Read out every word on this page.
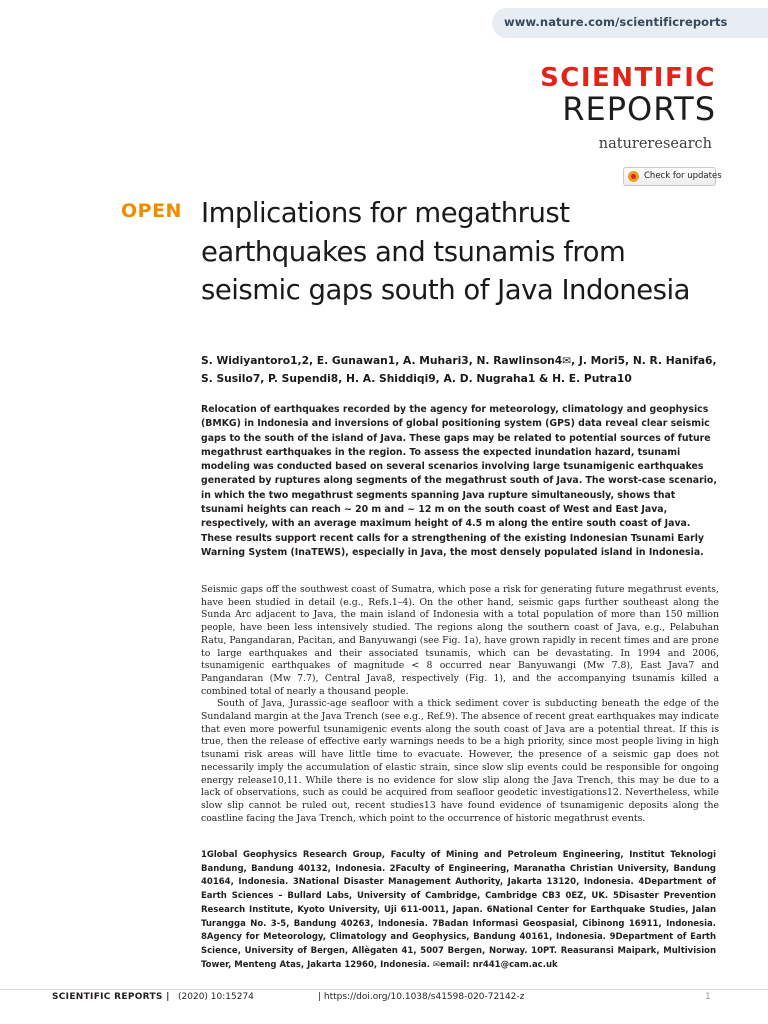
www.nature.com/scientificreports
SCIENTIFIC
REPORTS
natureresearch
Check for updates
OPEN Implications for megathrust earthquakes and tsunamis from seismic gaps south of Java Indonesia
S. Widiyantoro1,2, E. Gunawan1, A. Muhari3, N. Rawlinson4✉, J. Mori5, N. R. Hanifa6,
S. Susilo7, P. Supendi8, H. A. Shiddiqi9, A. D. Nugraha1 & H. E. Putra10

Relocation of earthquakes recorded by the agency for meteorology, climatology and geophysics (BMKG) in Indonesia and inversions of global positioning system (GPS) data reveal clear seismic gaps to the south of the island of Java. These gaps may be related to potential sources of future megathrust earthquakes in the region. To assess the expected inundation hazard, tsunami modeling was conducted based on several scenarios involving large tsunamigenic earthquakes generated by ruptures along segments of the megathrust south of Java. The worst-case scenario, in which the two megathrust segments spanning Java rupture simultaneously, shows that tsunami heights can reach ~ 20 m and ~ 12 m on the south coast of West and East Java, respectively, with an average maximum height of 4.5 m along the entire south coast of Java. These results support recent calls for a strengthening of the existing Indonesian Tsunami Early Warning System (InaTEWS), especially in Java, the most densely populated island in Indonesia.

Seismic gaps off the southwest coast of Sumatra, which pose a risk for generating future megathrust events, have been studied in detail (e.g., Refs.1–4). On the other hand, seismic gaps further southeast along the Sunda Arc adjacent to Java, the main island of Indonesia with a total population of more than 150 million people, have been less intensively studied. The regions along the southern coast of Java, e.g., Pelabuhan Ratu, Pangandaran, Pacitan, and Banyuwangi (see Fig. 1a), have grown rapidly in recent times and are prone to large earthquakes and their associated tsunamis, which can be devastating. In 1994 and 2006, tsunamigenic earthquakes of magnitude < 8 occurred near Banyuwangi (Mw 7.8), East Java7 and Pangandaran (Mw 7.7), Central Java8, respectively (Fig. 1), and the accompanying tsunamis killed a combined total of nearly a thousand people.

South of Java, Jurassic-age seafloor with a thick sediment cover is subducting beneath the edge of the Sundaland margin at the Java Trench (see e.g., Ref.9). The absence of recent great earthquakes may indicate that even more powerful tsunamigenic events along the south coast of Java are a potential threat. If this is true, then the release of effective early warnings needs to be a high priority, since most people living in high tsunami risk areas will have little time to evacuate. However, the presence of a seismic gap does not necessarily imply the accumulation of elastic strain, since slow slip events could be responsible for ongoing energy release10,11. While there is no evidence for slow slip along the Java Trench, this may be due to a lack of observations, such as could be acquired from seafloor geodetic investigations12. Nevertheless, while slow slip cannot be ruled out, recent studies13 have found evidence of tsunamigenic deposits along the coastline facing the Java Trench, which point to the occurrence of historic megathrust events.

1Global Geophysics Research Group, Faculty of Mining and Petroleum Engineering, Institut Teknologi Bandung, Bandung 40132, Indonesia. 2Faculty of Engineering, Maranatha Christian University, Bandung 40164, Indonesia. 3National Disaster Management Authority, Jakarta 13120, Indonesia. 4Department of Earth Sciences – Bullard Labs, University of Cambridge, Cambridge CB3 0EZ, UK. 5Disaster Prevention Research Institute, Kyoto University, Uji 611-0011, Japan. 6National Center for Earthquake Studies, Jalan Turangga No. 3-5, Bandung 40263, Indonesia. 7Badan Informasi Geospasial, Cibinong 16911, Indonesia. 8Agency for Meteorology, Climatology and Geophysics, Bandung 40161, Indonesia. 9Department of Earth Science, University of Bergen, Allègaten 41, 5007 Bergen, Norway. 10PT. Reasuransi Maipark, Multivision Tower, Menteng Atas, Jakarta 12960, Indonesia. ✉email: nr441@cam.ac.uk
SCIENTIFIC REPORTS | (2020) 10:15274	| https://doi.org/10.1038/s41598-020-72142-z	1
